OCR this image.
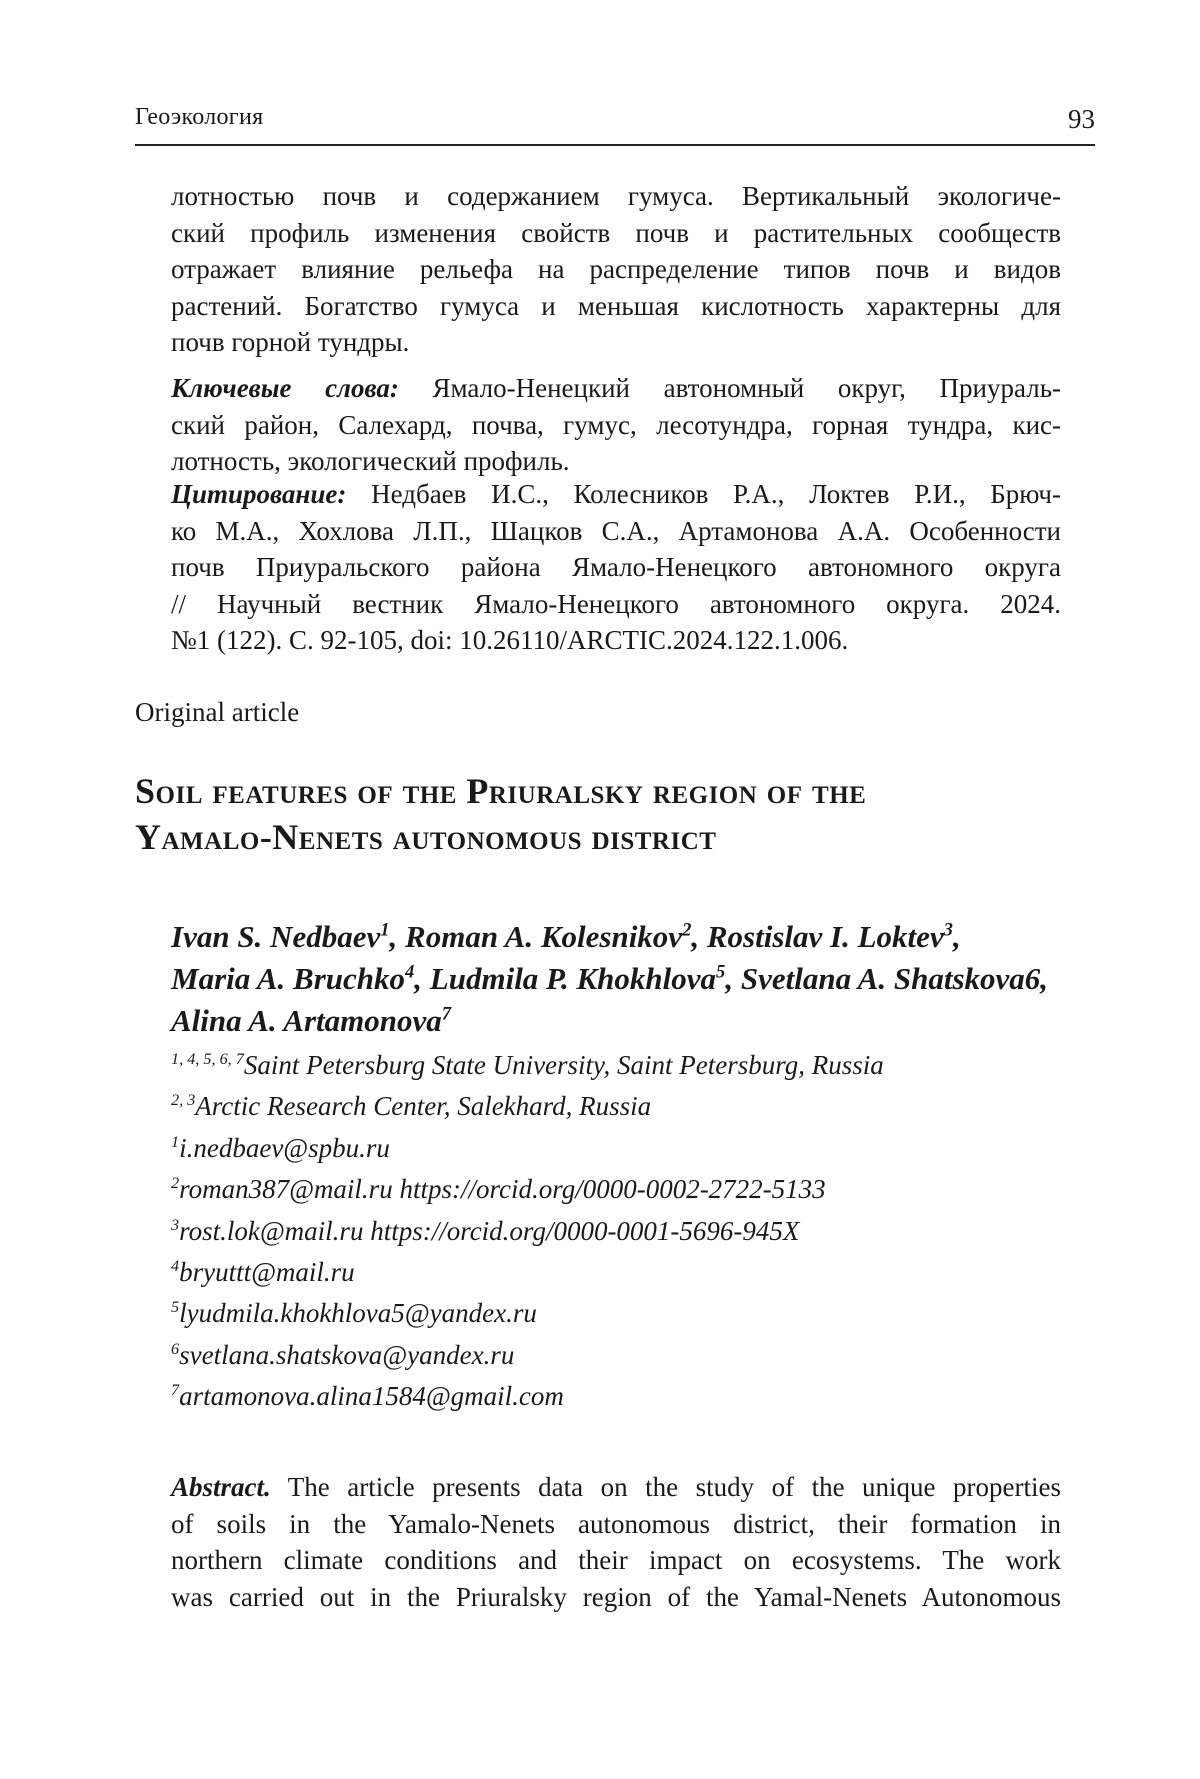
Геоэкология	93

лотностью почв и содержанием гумуса. Вертикальный экологиче-
ский профиль изменения свойств почв и растительных сообществ
отражает влияние рельефа на распределение типов почв и видов
растений. Богатство гумуса и меньшая кислотность характерны для
почв горной тундры.

Ключевые слова: Ямало-Ненецкий автономный округ, Приураль-
ский район, Салехард, почва, гумус, лесотундра, горная тундра, кис-
лотность, экологический профиль.

Цитирование: Недбаев И.С., Колесников Р.А., Локтев Р.И., Брюч-
ко М.А., Хохлова Л.П., Шацков С.А., Артамонова А.А. Особенности
почв Приуральского района Ямало-Ненецкого автономного округа
// Научный вестник Ямало-Ненецкого автономного округа. 2024.
№1 (122). С. 92-105, doi: 10.26110/ARCTIC.2024.122.1.006.

Original article
Soil features of the Priuralsky region of the
Yamalo-Nenets autonomous district

Ivan S. Nedbaev$^1$, Roman A. Kolesnikov$^2$, Rostislav I. Loktev$^3$,
Maria A. Bruchko$^4$, Ludmila P. Khokhlova$^5$, Svetlana A. Shatskova6, Alina A. Artamonova$^7$

$^{1, 4, 5, 6, 7}$Saint Petersburg State University, Saint Petersburg, Russia
$^{2, 3}$Arctic Research Center, Salekhard, Russia
$^1$i.nedbaev@spbu.ru
$^2$roman387@mail.ru https://orcid.org/0000-0002-2722-5133
$^3$rost.lok@mail.ru https://orcid.org/0000-0001-5696-945X
$^4$bryuttt@mail.ru
$^5$lyudmila.khokhlova5@yandex.ru
$^6$svetlana.shatskova@yandex.ru
$^7$artamonova.alina1584@gmail.com

Abstract. The article presents data on the study of the unique properties
of soils in the Yamalo-Nenets autonomous district, their formation in
northern climate conditions and their impact on ecosystems. The work
was carried out in the Priuralsky region of the Yamal-Nenets Autonomous
